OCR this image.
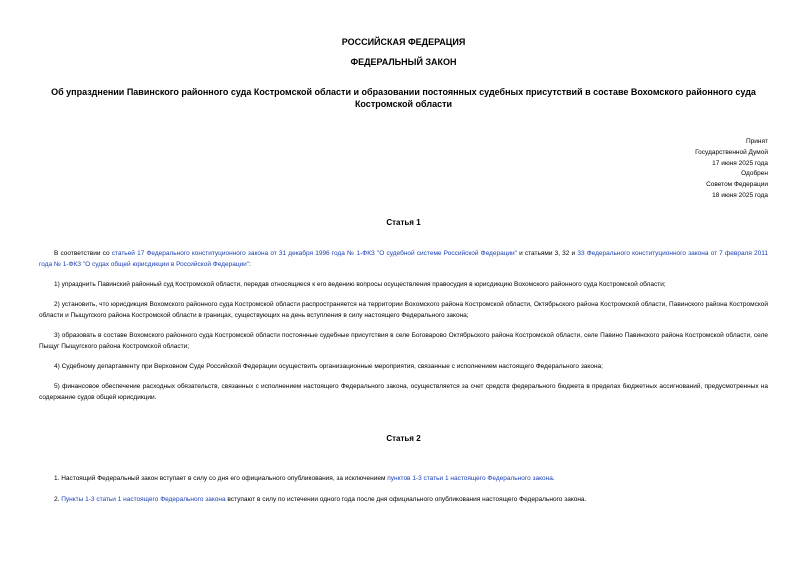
РОССИЙСКАЯ ФЕДЕРАЦИЯ
ФЕДЕРАЛЬНЫЙ ЗАКОН
Об упразднении Павинского районного суда Костромской области и образовании постоянных судебных присутствий в составе Вохомского районного суда Костромской области
Принят
Государственной Думой
17 июня 2025 года
Одобрен
Советом Федерации
18 июня 2025 года
Статья 1
В соответствии со статьей 17 Федерального конституционного закона от 31 декабря 1996 года № 1-ФКЗ "О судебной системе Российской Федерации" и статьями 3, 32 и 33 Федерального конституционного закона от 7 февраля 2011 года № 1-ФКЗ "О судах общей юрисдикции в Российской Федерации":
1) упразднить Павинский районный суд Костромской области, передав относящиеся к его ведению вопросы осуществления правосудия в юрисдикцию Вохомского районного суда Костромской области;
2) установить, что юрисдикция Вохомского районного суда Костромской области распространяется на территории Вохомского района Костромской области, Октябрьского района Костромской области, Павинского района Костромской области и Пыщугского района Костромской области в границах, существующих на день вступления в силу настоящего Федерального закона;
3) образовать в составе Вохомского районного суда Костромской области постоянные судебные присутствия в селе Боговарово Октябрьского района Костромской области, селе Павино Павинского района Костромской области, селе Пыщуг Пыщугского района Костромской области;
4) Судебному департаменту при Верховном Суде Российской Федерации осуществить организационные мероприятия, связанные с исполнением настоящего Федерального закона;
5) финансовое обеспечение расходных обязательств, связанных с исполнением настоящего Федерального закона, осуществляется за счет средств федерального бюджета в пределах бюджетных ассигнований, предусмотренных на содержание судов общей юрисдикции.
Статья 2
1. Настоящий Федеральный закон вступает в силу со дня его официального опубликования, за исключением пунктов 1-3 статьи 1 настоящего Федерального закона.
2. Пункты 1-3 статьи 1 настоящего Федерального закона вступают в силу по истечении одного года после дня официального опубликования настоящего Федерального закона.
